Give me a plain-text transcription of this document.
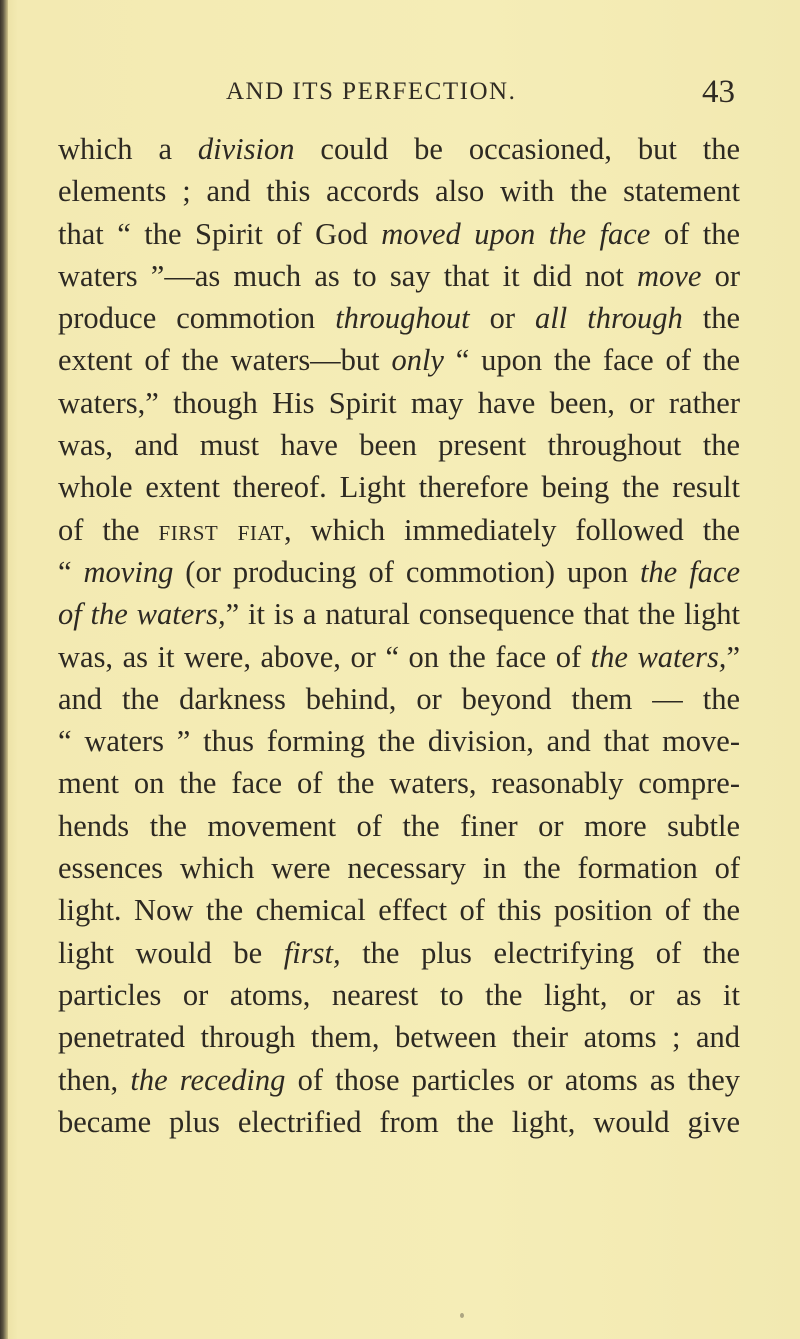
AND ITS PERFECTION.	43
which a division could be occasioned, but the
elements ; and this accords also with the statement
that “ the Spirit of God moved upon the face of the
waters ”—as much as to say that it did not move or
produce commotion throughout or all through the
extent of the waters—but only “ upon the face of the
waters,” though His Spirit may have been, or rather
was, and must have been present throughout the
whole extent thereof. Light therefore being the result
of the first fiat, which immediately followed the
“ moving (or producing of commotion) upon the face
of the waters,” it is a natural consequence that the light
was, as it were, above, or “ on the face of the waters,”
and the darkness behind, or beyond them — the
“ waters ” thus forming the division, and that move-
ment on the face of the waters, reasonably compre-
hends the movement of the finer or more subtle
essences which were necessary in the formation of
light. Now the chemical effect of this position of the
light would be first, the plus electrifying of the
particles or atoms, nearest to the light, or as it
penetrated through them, between their atoms ; and
then, the receding of those particles or atoms as they
became plus electrified from the light, would give
